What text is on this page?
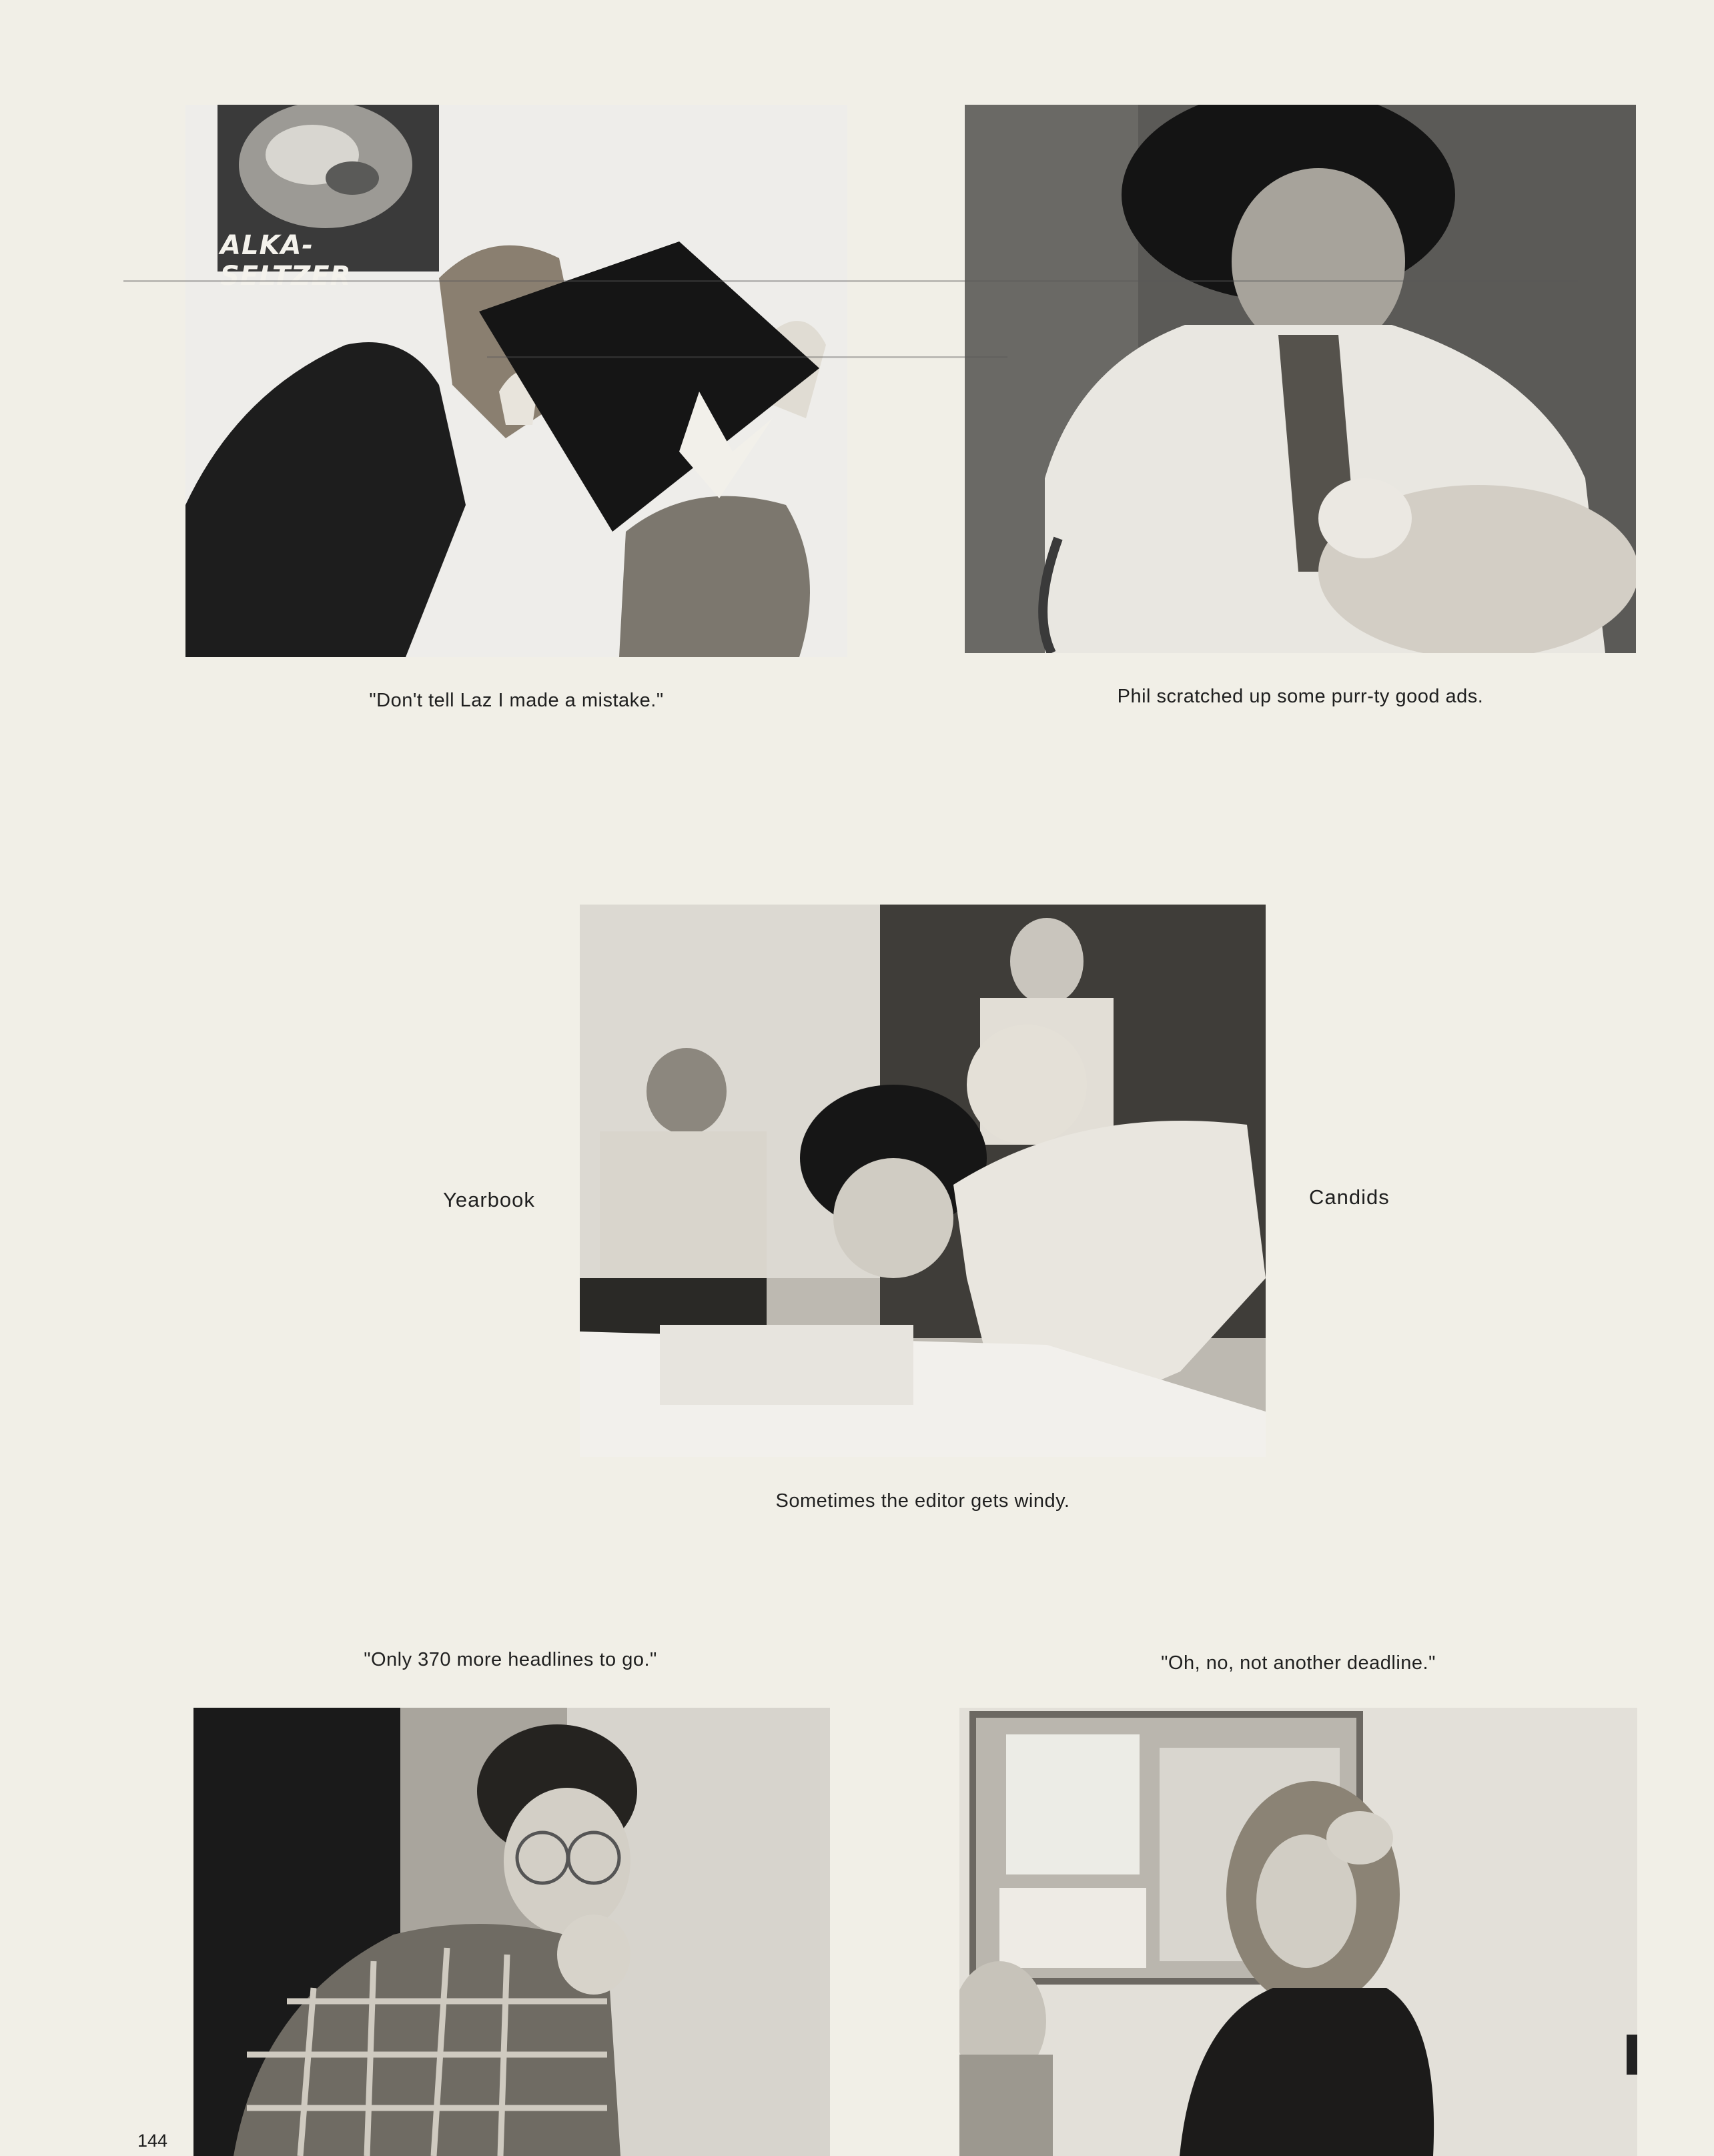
"Don't tell Laz I made a mistake."
ALKA-SELTZER
Phil scratched up some purr-ty good ads.
Yearbook	Candids
Sometimes the editor gets windy.
"Only 370 more headlines to go."	"Oh, no, not another deadline."
144
